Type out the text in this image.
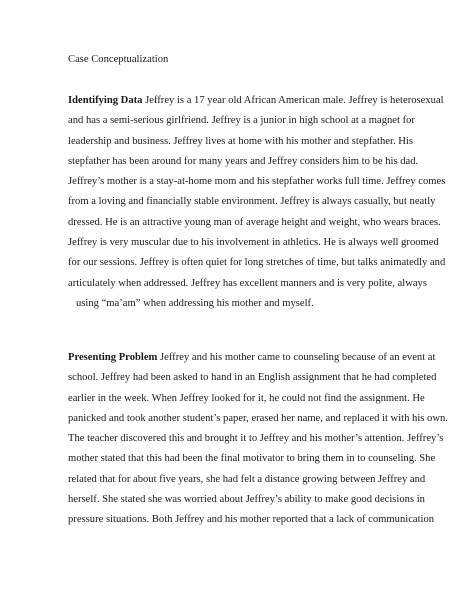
Case Conceptualization
Identifying Data Jeffrey is a 17 year old African American male. Jeffrey is heterosexual
and has a semi-serious girlfriend. Jeffrey is a junior in high school at a magnet for
leadership and business. Jeffrey lives at home with his mother and stepfather. His
stepfather has been around for many years and Jeffrey considers him to be his dad.
Jeffrey’s mother is a stay-at-home mom and his stepfather works full time. Jeffrey comes
from a loving and financially stable environment. Jeffrey is always casually, but neatly
dressed. He is an attractive young man of average height and weight, who wears braces.
Jeffrey is very muscular due to his involvement in athletics. He is always well groomed
for our sessions. Jeffrey is often quiet for long stretches of time, but talks animatedly and
articulately when addressed. Jeffrey has excellent manners and is very polite, always
using “ma’am” when addressing his mother and myself.
Presenting Problem Jeffrey and his mother came to counseling because of an event at
school. Jeffrey had been asked to hand in an English assignment that he had completed
earlier in the week. When Jeffrey looked for it, he could not find the assignment. He
panicked and took another student’s paper, erased her name, and replaced it with his own.
The teacher discovered this and brought it to Jeffrey and his mother’s attention. Jeffrey’s
mother stated that this had been the final motivator to bring them in to counseling. She
related that for about five years, she had felt a distance growing between Jeffrey and
herself. She stated she was worried about Jeffrey’s ability to make good decisions in
pressure situations. Both Jeffrey and his mother reported that a lack of communication
